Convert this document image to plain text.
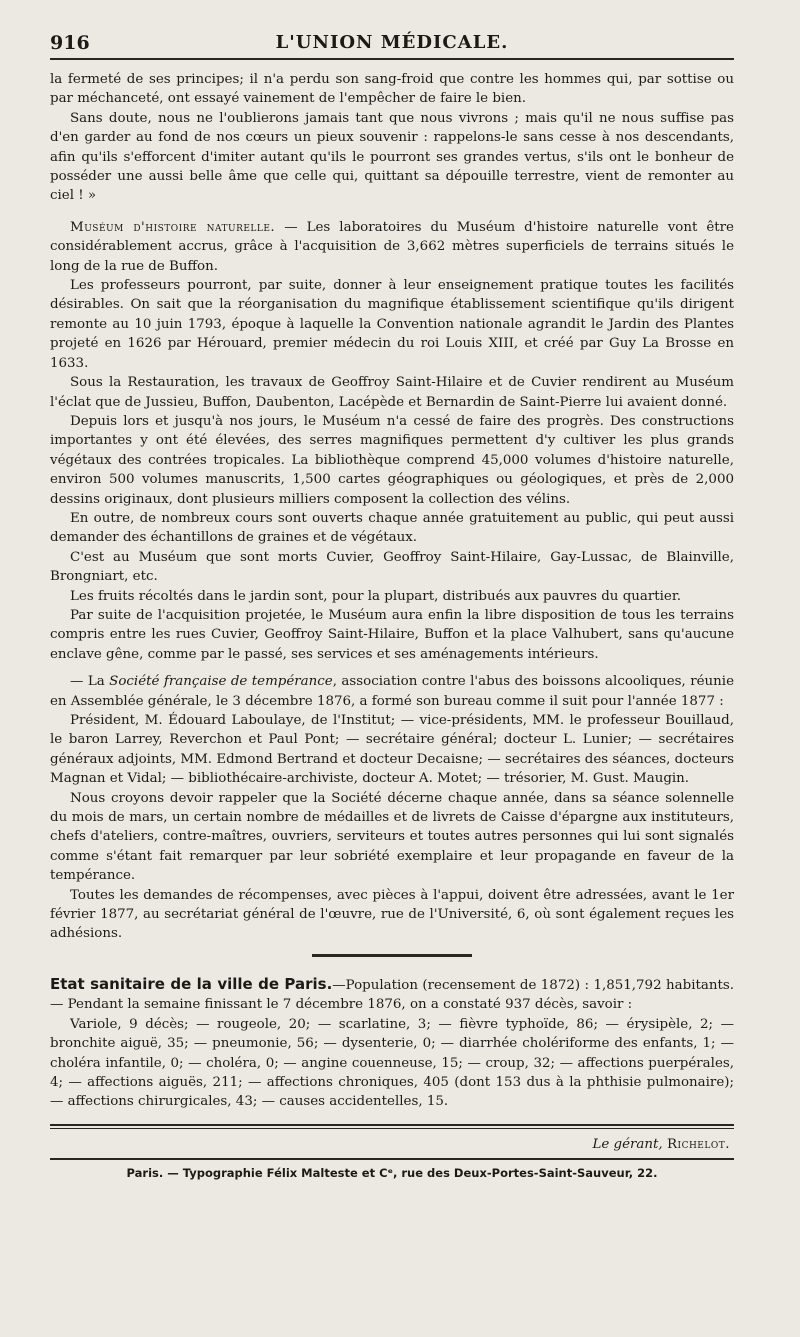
916	L'UNION MÉDICALE.

la fermeté de ses principes; il n'a perdu son sang-froid que contre les hommes qui, par sottise ou par méchanceté, ont essayé vainement de l'empêcher de faire le bien.

Sans doute, nous ne l'oublierons jamais tant que nous vivrons ; mais qu'il ne nous suffise pas d'en garder au fond de nos cœurs un pieux souvenir : rappelons-le sans cesse à nos descendants, afin qu'ils s'efforcent d'imiter autant qu'ils le pourront ses grandes vertus, s'ils ont le bonheur de posséder une aussi belle âme que celle qui, quittant sa dépouille terrestre, vient de remonter au ciel ! »

Muséum d'histoire naturelle. — Les laboratoires du Muséum d'histoire naturelle vont être considérablement accrus, grâce à l'acquisition de 3,662 mètres superficiels de terrains situés le long de la rue de Buffon.

Les professeurs pourront, par suite, donner à leur enseignement pratique toutes les facilités désirables. On sait que la réorganisation du magnifique établissement scientifique qu'ils dirigent remonte au 10 juin 1793, époque à laquelle la Convention nationale agrandit le Jardin des Plantes projeté en 1626 par Hérouard, premier médecin du roi Louis XIII, et créé par Guy La Brosse en 1633.

Sous la Restauration, les travaux de Geoffroy Saint-Hilaire et de Cuvier rendirent au Muséum l'éclat que de Jussieu, Buffon, Daubenton, Lacépède et Bernardin de Saint-Pierre lui avaient donné.

Depuis lors et jusqu'à nos jours, le Muséum n'a cessé de faire des progrès. Des constructions importantes y ont été élevées, des serres magnifiques permettent d'y cultiver les plus grands végétaux des contrées tropicales. La bibliothèque comprend 45,000 volumes d'histoire naturelle, environ 500 volumes manuscrits, 1,500 cartes géographiques ou géologiques, et près de 2,000 dessins originaux, dont plusieurs milliers composent la collection des vélins.

En outre, de nombreux cours sont ouverts chaque année gratuitement au public, qui peut aussi demander des échantillons de graines et de végétaux.

C'est au Muséum que sont morts Cuvier, Geoffroy Saint-Hilaire, Gay-Lussac, de Blainville, Brongniart, etc.

Les fruits récoltés dans le jardin sont, pour la plupart, distribués aux pauvres du quartier.

Par suite de l'acquisition projetée, le Muséum aura enfin la libre disposition de tous les terrains compris entre les rues Cuvier, Geoffroy Saint-Hilaire, Buffon et la place Valhubert, sans qu'aucune enclave gêne, comme par le passé, ses services et ses aménagements intérieurs.

— La Société française de tempérance, association contre l'abus des boissons alcooliques, réunie en Assemblée générale, le 3 décembre 1876, a formé son bureau comme il suit pour l'année 1877 :

Président, M. Édouard Laboulaye, de l'Institut; — vice-présidents, MM. le professeur Bouillaud, le baron Larrey, Reverchon et Paul Pont; — secrétaire général; docteur L. Lunier; — secrétaires généraux adjoints, MM. Edmond Bertrand et docteur Decaisne; — secrétaires des séances, docteurs Magnan et Vidal; — bibliothécaire-archiviste, docteur A. Motet; — trésorier, M. Gust. Maugin.

Nous croyons devoir rappeler que la Société décerne chaque année, dans sa séance solennelle du mois de mars, un certain nombre de médailles et de livrets de Caisse d'épargne aux instituteurs, chefs d'ateliers, contre-maîtres, ouvriers, serviteurs et toutes autres personnes qui lui sont signalés comme s'étant fait remarquer par leur sobriété exemplaire et leur propagande en faveur de la tempérance.

Toutes les demandes de récompenses, avec pièces à l'appui, doivent être adressées, avant le 1er février 1877, au secrétariat général de l'œuvre, rue de l'Université, 6, où sont également reçues les adhésions.

Etat sanitaire de la ville de Paris.—Population (recensement de 1872) : 1,851,792 habitants. — Pendant la semaine finissant le 7 décembre 1876, on a constaté 937 décès, savoir :

Variole, 9 décès; — rougeole, 20; — scarlatine, 3; — fièvre typhoïde, 86; — érysipèle, 2; — bronchite aiguë, 35; — pneumonie, 56; — dysenterie, 0; — diarrhée cholériforme des enfants, 1; — choléra infantile, 0; — choléra, 0; — angine couenneuse, 15; — croup, 32; — affections puerpérales, 4; — affections aiguës, 211; — affections chroniques, 405 (dont 153 dus à la phthisie pulmonaire); — affections chirurgicales, 43; — causes accidentelles, 15.

Le gérant, Richelot.
Paris. — Typographie Félix Malteste et Cᵉ, rue des Deux-Portes-Saint-Sauveur, 22.
